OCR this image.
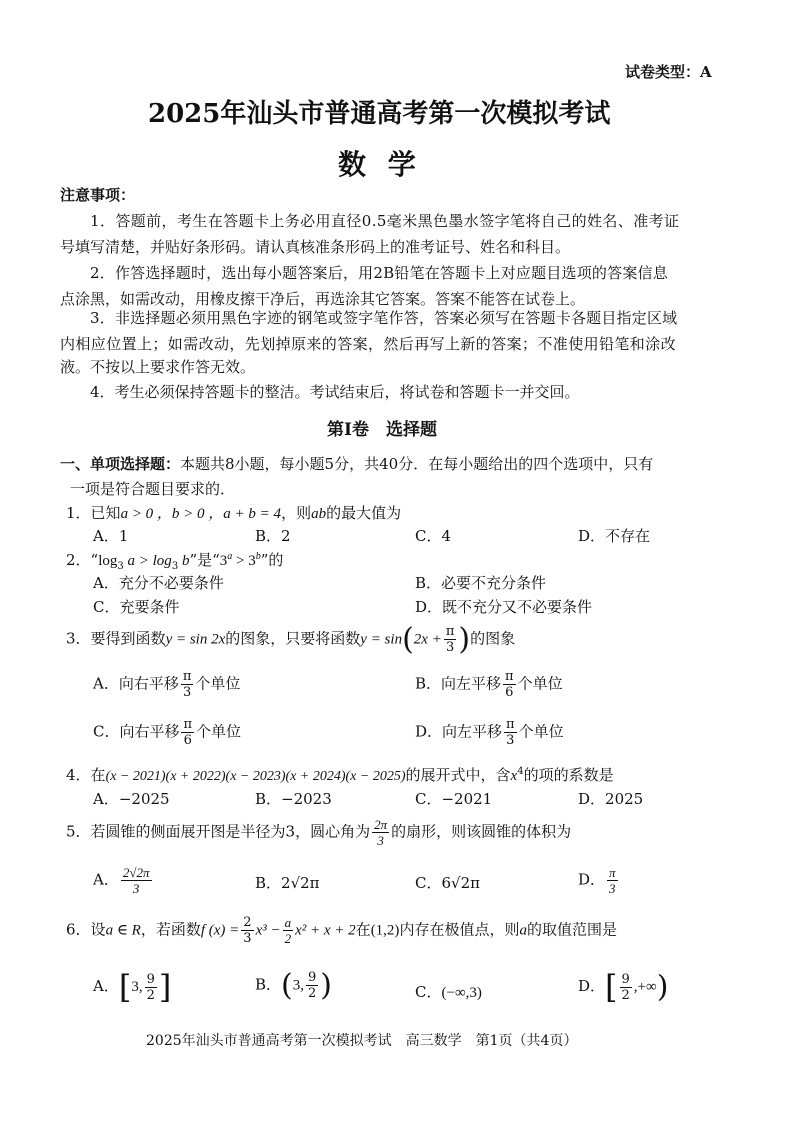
试卷类型：A
2025年汕头市普通高考第一次模拟考试
数 学
注意事项：
1．答题前，考生在答题卡上务必用直径0.5毫米黑色墨水签字笔将自己的姓名、准考证
号填写清楚，并贴好条形码。请认真核准条形码上的准考证号、姓名和科目。
2．作答选择题时，选出每小题答案后，用2B铅笔在答题卡上对应题目选项的答案信息
点涂黑，如需改动，用橡皮擦干净后，再选涂其它答案。答案不能答在试卷上。
3．非选择题必须用黑色字迹的钢笔或签字笔作答，答案必须写在答题卡各题目指定区域
内相应位置上；如需改动，先划掉原来的答案，然后再写上新的答案；不准使用铅笔和涂改
液。不按以上要求作答无效。
4．考生必须保持答题卡的整洁。考试结束后，将试卷和答题卡一并交回。
第Ⅰ卷　选择题
一、单项选择题：本题共8小题，每小题5分，共40分．在每小题给出的四个选项中，只有
一项是符合题目要求的．
1．已知a > 0 ，b > 0 ，a + b = 4，则ab的最大值为
A．1	B．2	C．4	D．不存在
2．“$\log_3$ $a > \log_3 b$”是“$3^a > 3^b$”的
A．充分不必要条件	B．必要不充分条件
C．充要条件	D．既不充分又不必要条件
3．要得到函数y = sin 2x的图象，只要将函数$y = \sin(2x + \frac{\pi}{3}$ )的图象
A．向右平移 $\frac{\pi}{3}$ 个单位	B．向左平移 $\frac{\pi}{6}$ 个单位
C．向右平移 $\frac{\pi}{6}$ 个单位	D．向左平移 $\frac{\pi}{3}$ 个单位
4．在(x − 2021)(x + 2022)(x − 2023)(x + 2024)(x − 2025)的展开式中，含$x^4$的项的系数是
A．−2025	B．−2023	C．−2021	D．2025
5．若圆锥的侧面展开图是半径为3，圆心角为 $\frac{2\pi}{3}$ 的扇形，则该圆锥的体积为
A． $\frac{2√2\pi}{3}$	B．2√2π	C．6√2π	D． $\frac{\pi}{3}$
6．设a ∈ R，若函数f $(x) = \frac{2}{3} x^3 - \frac{a}{2} x^2 + x + 2$在(1,2)内存在极值点，则a的取值范围是
A．[3, $\frac{9}{2}$ ]	B．(3, $\frac{9}{2}$ )	C．(−∞,3)	D．[ $\frac{9}{2}$ ,+∞)
2025年汕头市普通高考第一次模拟考试　高三数学　第1页（共4页）
